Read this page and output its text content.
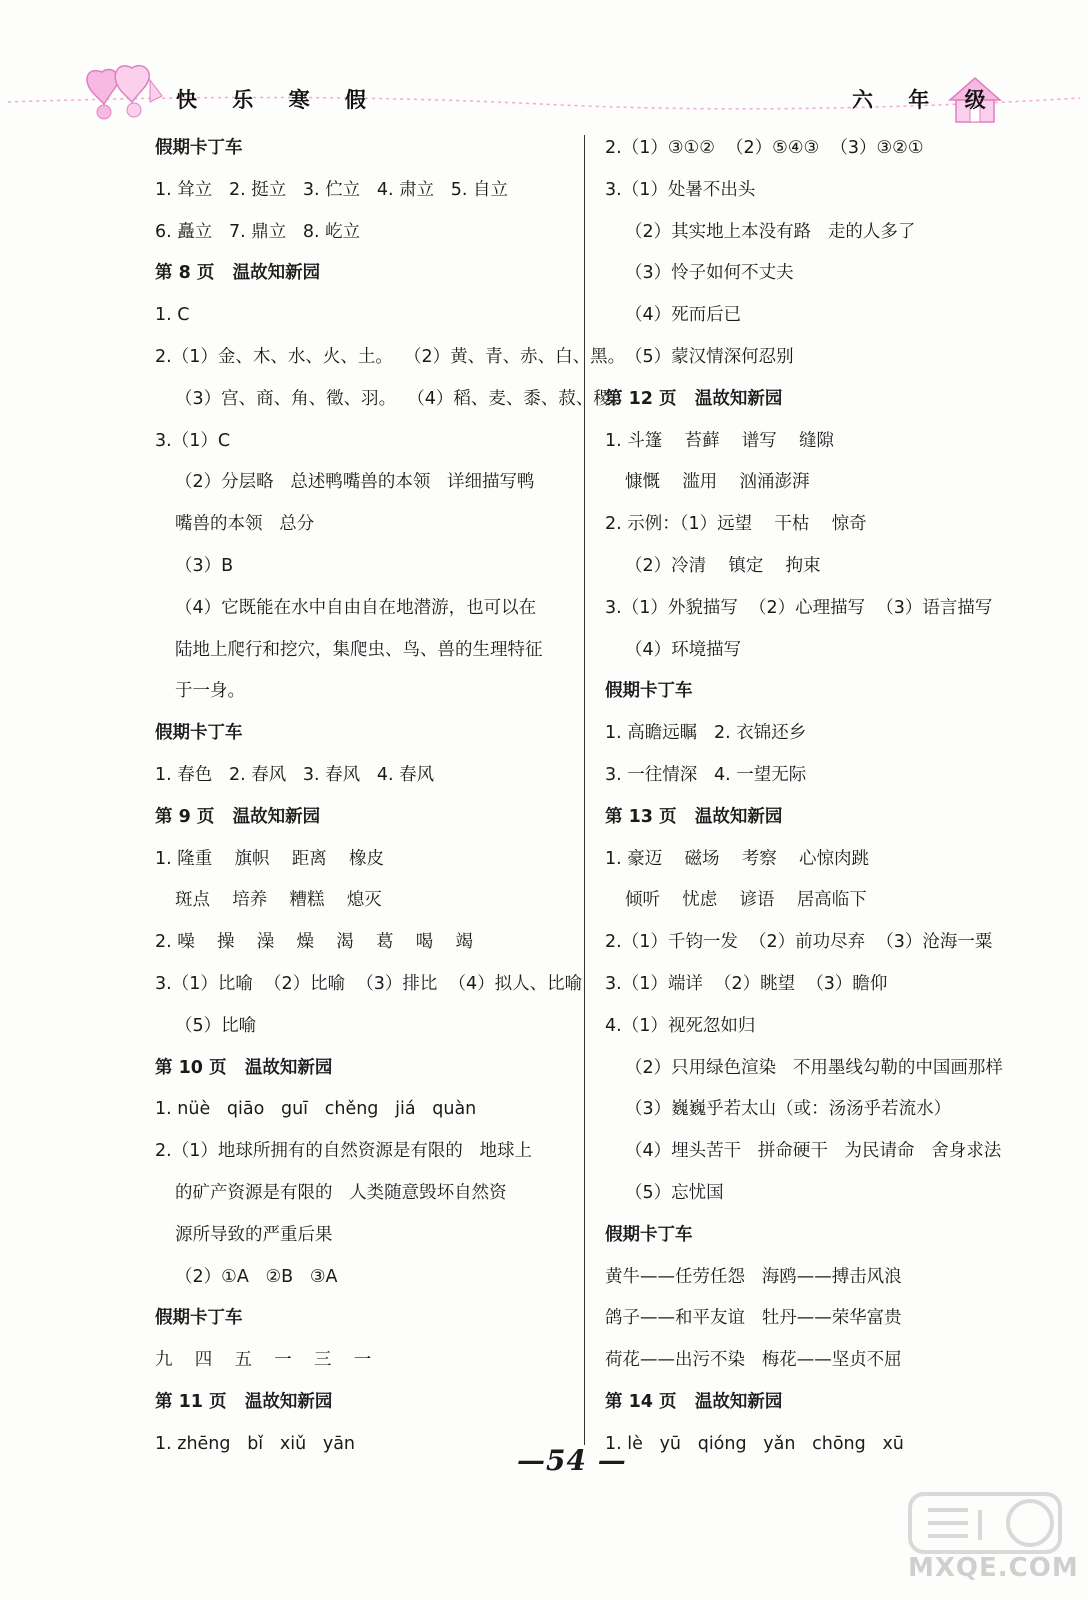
快 乐 寒 假	六 年 级
假期卡丁车
1. 耸立   2. 挺立   3. 伫立   4. 肃立   5. 自立
6. 矗立   7. 鼎立   8. 屹立
第 8 页   温故知新园
1. C
2.（1）金、木、水、火、土。  （2）黄、青、赤、白、黑。
（3）宫、商、角、徵、羽。  （4）稻、麦、黍、菽、稷。
3.（1）C
（2）分层略   总述鸭嘴兽的本领   详细描写鸭
嘴兽的本领   总分
（3）B
（4）它既能在水中自由自在地潜游，也可以在
陆地上爬行和挖穴，集爬虫、鸟、兽的生理特征
于一身。
假期卡丁车
1. 春色   2. 春风   3. 春风   4. 春风
第 9 页   温故知新园
1. 隆重    旗帜    距离    橡皮
斑点    培养    糟糕    熄灭
2. 噪    操    澡    燥    渴    葛    喝    竭
3.（1）比喻  （2）比喻  （3）排比  （4）拟人、比喻
（5）比喻
第 10 页   温故知新园
1. nüè   qiāo   guī   chěng   jiá   quàn
2.（1）地球所拥有的自然资源是有限的   地球上
的矿产资源是有限的   人类随意毁坏自然资
源所导致的严重后果
（2）①A   ②B   ③A
假期卡丁车
九    四    五    一    三    一
第 11 页   温故知新园
1. zhēng   bǐ   xiǔ   yān
2.（1）③①②  （2）⑤④③  （3）③②①
3.（1）处暑不出头
（2）其实地上本没有路   走的人多了
（3）怜子如何不丈夫
（4）死而后已
（5）蒙汉情深何忍别
第 12 页   温故知新园
1. 斗篷    苔藓    谱写    缝隙
慷慨    滥用    汹涌澎湃
2. 示例：（1）远望    干枯    惊奇
（2）冷清    镇定    拘束
3.（1）外貌描写  （2）心理描写  （3）语言描写
（4）环境描写
假期卡丁车
1. 高瞻远瞩   2. 衣锦还乡
3. 一往情深   4. 一望无际
第 13 页   温故知新园
1. 豪迈    磁场    考察    心惊肉跳
倾听    忧虑    谚语    居高临下
2.（1）千钧一发  （2）前功尽弃  （3）沧海一粟
3.（1）端详  （2）眺望  （3）瞻仰
4.（1）视死忽如归
（2）只用绿色渲染   不用墨线勾勒的中国画那样
（3）巍巍乎若太山（或：汤汤乎若流水）
（4）埋头苦干   拼命硬干   为民请命   舍身求法
（5）忘忧国
假期卡丁车
黄牛——任劳任怨   海鸥——搏击风浪
鸽子——和平友谊   牡丹——荣华富贵
荷花——出污不染   梅花——坚贞不屈
第 14 页   温故知新园
1. lè   yū   qióng   yǎn   chōng   xū
—54 —
MXQE.COM
